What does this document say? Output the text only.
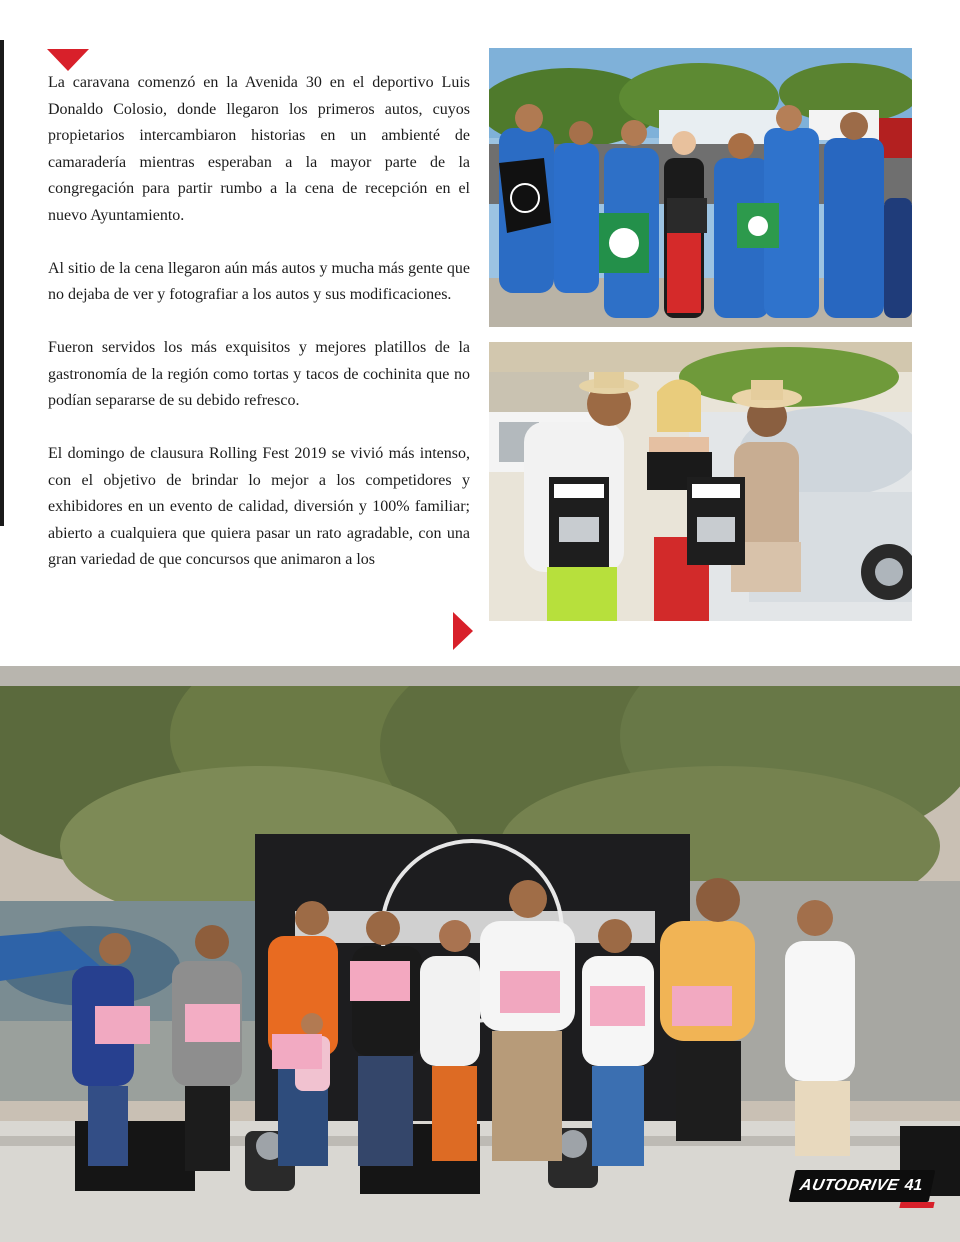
La caravana comenzó en la Avenida 30 en el deportivo Luis Donaldo Colosio, donde llegaron los primeros autos, cuyos propietarios intercambiaron historias en un ambienté de camaradería mientras esperaban a la mayor parte de la congregación para partir rumbo a la cena de recepción en el nuevo Ayuntamiento.

Al sitio de la cena llegaron aún más autos y mucha más gente que no dejaba de ver y fotografiar a los autos y sus modificaciones.

Fueron servidos los más exquisitos y mejores platillos de la gastronomía de la región como tortas y tacos de cochinita que no podían separarse de su debido refresco.

El domingo de clausura Rolling Fest 2019 se vivió más intenso, con el objetivo de brindar lo mejor a los competidores y exhibidores en un evento de calidad, diversión y 100% familiar; abierto a cualquiera que quiera pasar un rato agradable, con una gran variedad de que concursos que animaron a los

AUTODRIVE 41
